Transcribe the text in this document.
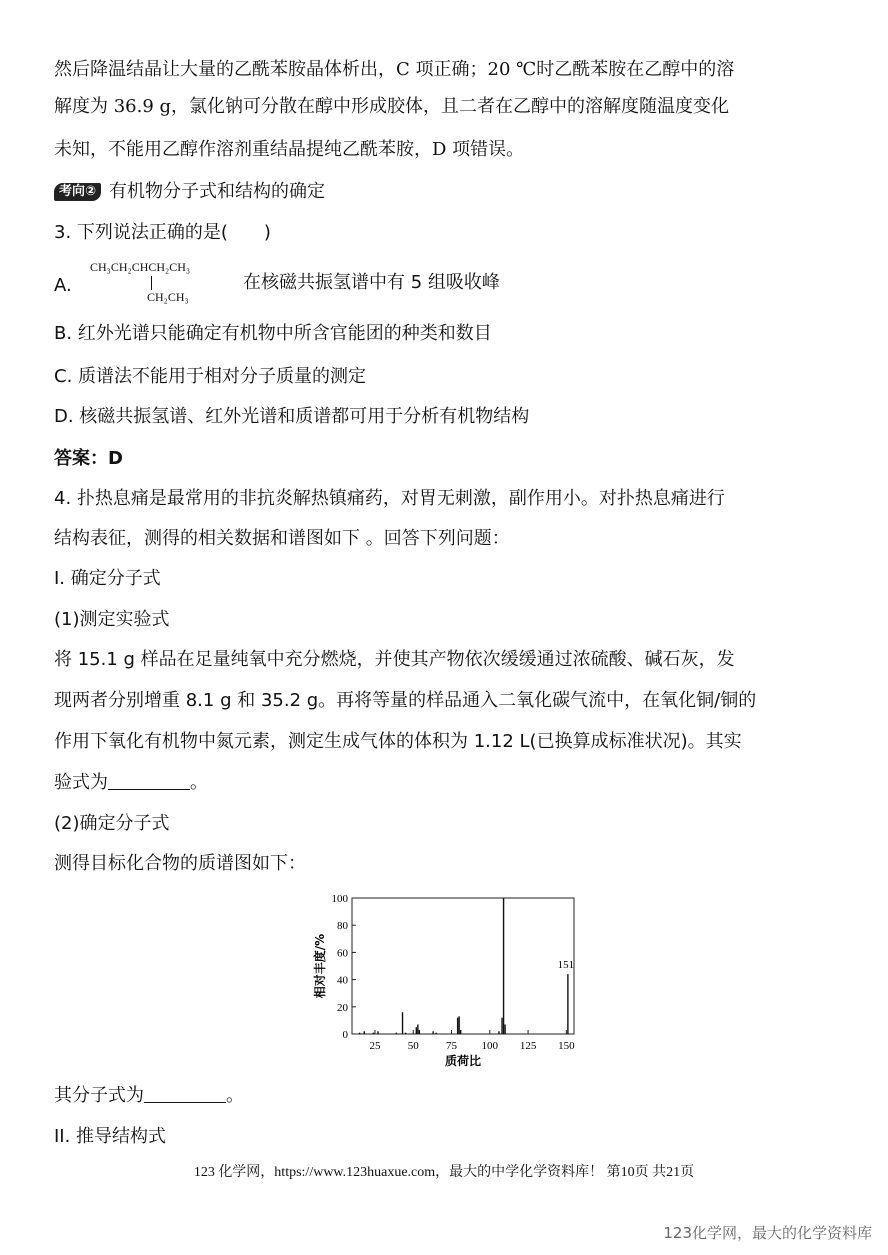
然后降温结晶让大量的乙酰苯胺晶体析出，C 项正确；20 ℃时乙酰苯胺在乙醇中的溶
解度为 36.9 g，氯化钠可分散在醇中形成胶体，且二者在乙醇中的溶解度随温度变化
未知，不能用乙醇作溶剂重结晶提纯乙酰苯胺，D 项错误。
考向② 有机物分子式和结构的确定
3. 下列说法正确的是(　　)
A.
CH₃CH₂CHCH₂CH₃
CH₂CH₃
在核磁共振氢谱中有 5 组吸收峰
B. 红外光谱只能确定有机物中所含官能团的种类和数目
C. 质谱法不能用于相对分子质量的测定
D. 核磁共振氢谱、红外光谱和质谱都可用于分析有机物结构
答案：D
4. 扑热息痛是最常用的非抗炎解热镇痛药，对胃无刺激，副作用小。对扑热息痛进行
结构表征，测得的相关数据和谱图如下 。回答下列问题：
I. 确定分子式
(1)测定实验式
将 15.1 g 样品在足量纯氧中充分燃烧，并使其产物依次缓缓通过浓硫酸、碱石灰，发
现两者分别增重 8.1 g 和 35.2 g。再将等量的样品通入二氧化碳气流中，在氧化铜/铜的
作用下氧化有机物中氮元素，测定生成气体的体积为 1.12 L(已换算成标准状况)。其实
验式为	。
(2)确定分子式
测得目标化合物的质谱图如下：
0
20
40
60
80
100
25 50 75 100 125 150
151
质荷比
相对丰度/%
其分子式为	。
II. 推导结构式
123 化学网，https://www.123huaxue.com，最大的中学化学资料库！ 第10页 共21页
123化学网，最大的化学资料库
